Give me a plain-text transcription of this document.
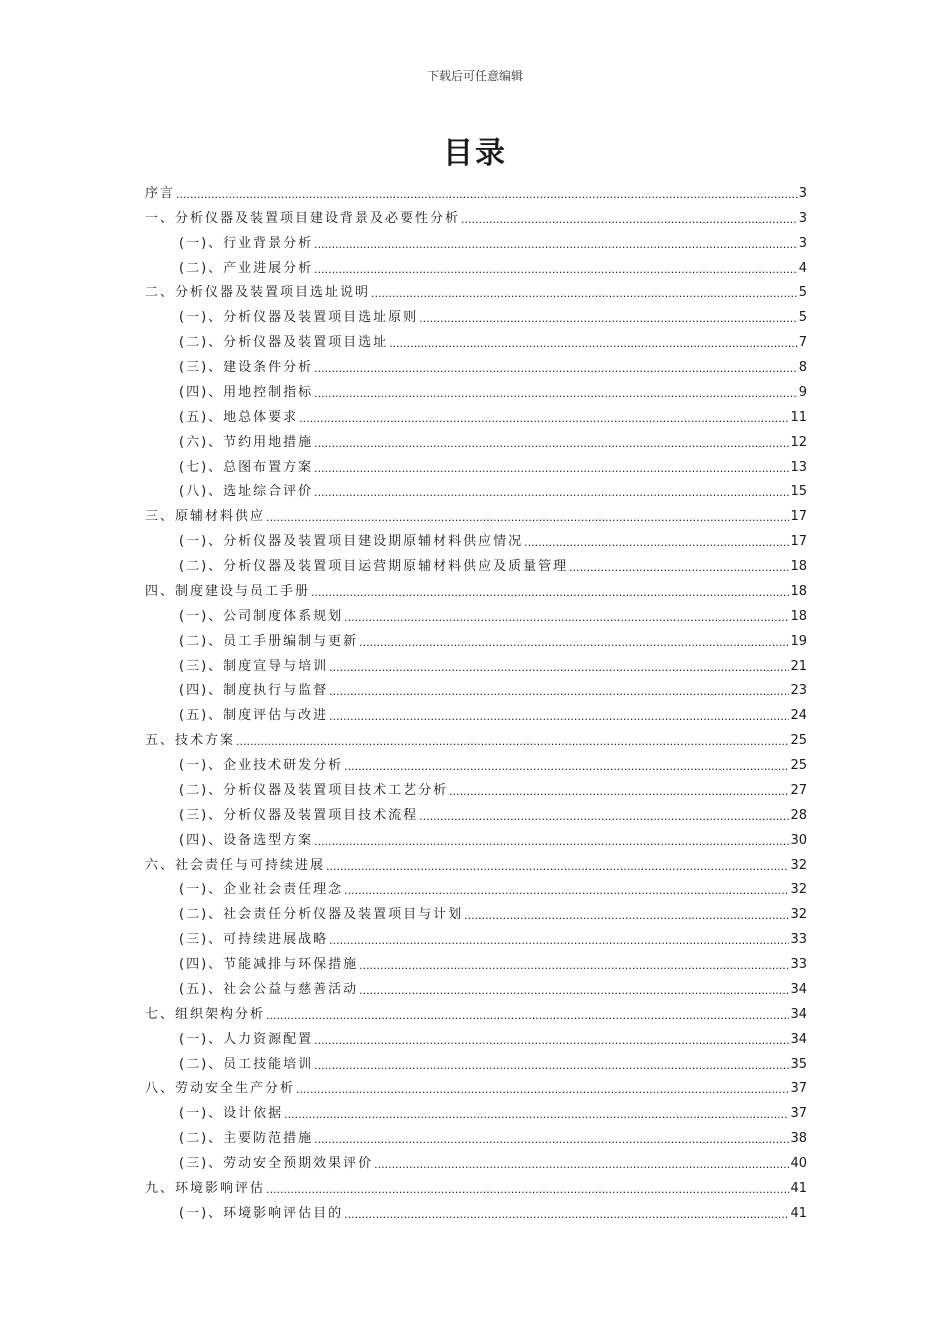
下载后可任意编辑
目录
序言 .....	3
一、分析仪器及装置项目建设背景及必要性分析 .....	3
(一)、行业背景分析 .....	3
(二)、产业进展分析 .....	4
二、分析仪器及装置项目选址说明 .....	5
(一)、分析仪器及装置项目选址原则 .....	5
(二)、分析仪器及装置项目选址 .....	7
(三)、建设条件分析 .....	8
(四)、用地控制指标 .....	9
(五)、地总体要求 .....	11
(六)、节约用地措施 .....	12
(七)、总图布置方案 .....	13
(八)、选址综合评价 .....	15
三、原辅材料供应 .....	17
(一)、分析仪器及装置项目建设期原辅材料供应情况 .....	17
(二)、分析仪器及装置项目运营期原辅材料供应及质量管理 .....	18
四、制度建设与员工手册 .....	18
(一)、公司制度体系规划 .....	18
(二)、员工手册编制与更新 .....	19
(三)、制度宣导与培训 .....	21
(四)、制度执行与监督 .....	23
(五)、制度评估与改进 .....	24
五、技术方案 .....	25
(一)、企业技术研发分析 .....	25
(二)、分析仪器及装置项目技术工艺分析 .....	27
(三)、分析仪器及装置项目技术流程 .....	28
(四)、设备选型方案 .....	30
六、社会责任与可持续进展 .....	32
(一)、企业社会责任理念 .....	32
(二)、社会责任分析仪器及装置项目与计划 .....	32
(三)、可持续进展战略 .....	33
(四)、节能减排与环保措施 .....	33
(五)、社会公益与慈善活动 .....	34
七、组织架构分析 .....	34
(一)、人力资源配置 .....	34
(二)、员工技能培训 .....	35
八、劳动安全生产分析 .....	37
(一)、设计依据 .....	37
(二)、主要防范措施 .....	38
(三)、劳动安全预期效果评价 .....	40
九、环境影响评估 .....	41
(一)、环境影响评估目的 .....	41
